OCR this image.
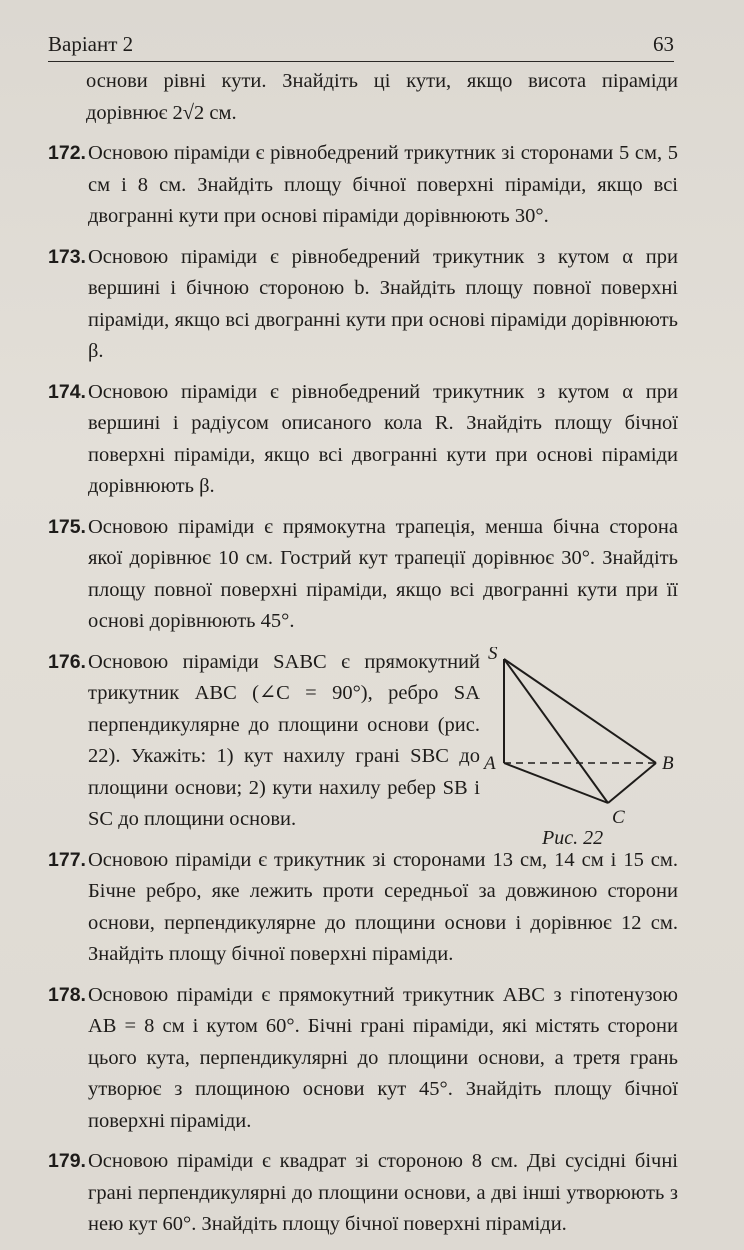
Варіант 2	63
основи рівні кути. Знайдіть ці кути, якщо висота піраміди дорівнює 2√2 см.
172. Основою піраміди є рівнобедрений трикутник зі сторонами 5 см, 5 см і 8 см. Знайдіть площу бічної поверхні піраміди, якщо всі двогранні кути при основі піраміди дорівнюють 30°.
173. Основою піраміди є рівнобедрений трикутник з кутом α при вершині і бічною стороною b. Знайдіть площу повної поверхні піраміди, якщо всі двогранні кути при основі піраміди дорівнюють β.
174. Основою піраміди є рівнобедрений трикутник з кутом α при вершині і радіусом описаного кола R. Знайдіть площу бічної поверхні піраміди, якщо всі двогранні кути при основі піраміди дорівнюють β.
175. Основою піраміди є прямокутна трапеція, менша бічна сторона якої дорівнює 10 см. Гострий кут трапеції дорівнює 30°. Знайдіть площу повної поверхні піраміди, якщо всі двогранні кути при її основі дорівнюють 45°.
176. Основою піраміди SABC є прямокутний трикутник ABC (∠C = 90°), ребро SA перпендикулярне до площини основи (рис. 22). Укажіть: 1) кут нахилу грані SBC до площини основи; 2) кути нахилу ребер SB і SC до площини основи.
S
A	B
C
Рис. 22
177. Основою піраміди є трикутник зі сторонами 13 см, 14 см і 15 см. Бічне ребро, яке лежить проти середньої за довжиною сторони основи, перпендикулярне до площини основи і дорівнює 12 см. Знайдіть площу бічної поверхні піраміди.
178. Основою піраміди є прямокутний трикутник ABC з гіпотенузою AB = 8 см і кутом 60°. Бічні грані піраміди, які містять сторони цього кута, перпендикулярні до площини основи, а третя грань утворює з площиною основи кут 45°. Знайдіть площу бічної поверхні піраміди.
179. Основою піраміди є квадрат зі стороною 8 см. Дві сусідні бічні грані перпендикулярні до площини основи, а дві інші утворюють з нею кут 60°. Знайдіть площу бічної поверхні піраміди.
